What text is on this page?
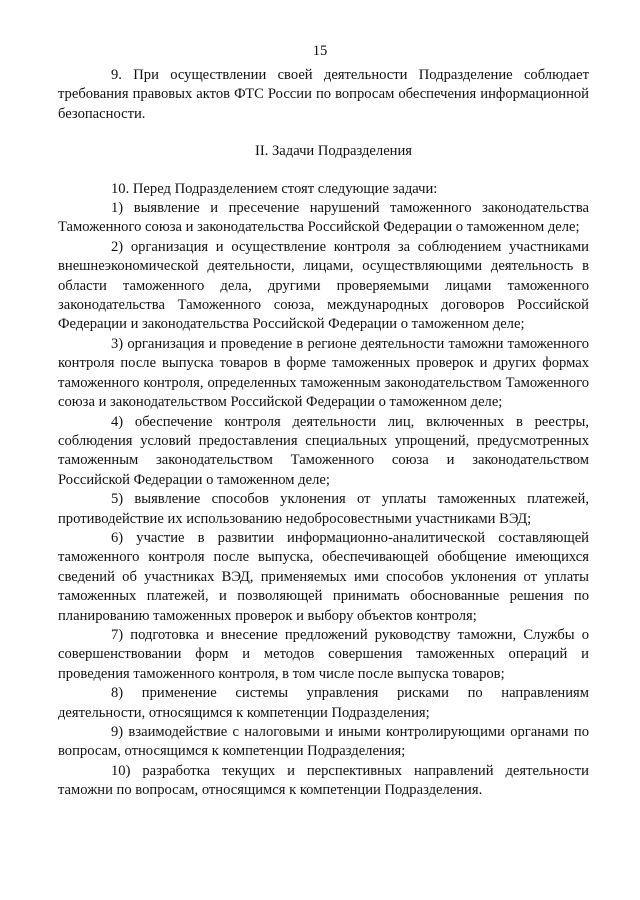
15

9. При осуществлении своей деятельности Подразделение соблюдает требования правовых актов ФТС России по вопросам обеспечения информационной безопасности.

II. Задачи Подразделения

10. Перед Подразделением стоят следующие задачи:

1) выявление и пресечение нарушений таможенного законодательства Таможенного союза и законодательства Российской Федерации о таможенном деле;

2) организация и осуществление контроля за соблюдением участниками внешнеэкономической деятельности, лицами, осуществляющими деятельность в области таможенного дела, другими проверяемыми лицами таможенного законодательства Таможенного союза, международных договоров Российской Федерации и законодательства Российской Федерации о таможенном деле;

3) организация и проведение в регионе деятельности таможни таможенного контроля после выпуска товаров в форме таможенных проверок и других формах таможенного контроля, определенных таможенным законодательством Таможенного союза и законодательством Российской Федерации о таможенном деле;

4) обеспечение контроля деятельности лиц, включенных в реестры, соблюдения условий предоставления специальных упрощений, предусмотренных таможенным законодательством Таможенного союза и законодательством Российской Федерации о таможенном деле;

5) выявление способов уклонения от уплаты таможенных платежей, противодействие их использованию недобросовестными участниками ВЭД;

6) участие в развитии информационно-аналитической составляющей таможенного контроля после выпуска, обеспечивающей обобщение имеющихся сведений об участниках ВЭД, применяемых ими способов уклонения от уплаты таможенных платежей, и позволяющей принимать обоснованные решения по планированию таможенных проверок и выбору объектов контроля;

7) подготовка и внесение предложений руководству таможни, Службы о совершенствовании форм и методов совершения таможенных операций и проведения таможенного контроля, в том числе после выпуска товаров;

8) применение системы управления рисками по направлениям деятельности, относящимся к компетенции Подразделения;

9) взаимодействие с налоговыми и иными контролирующими органами по вопросам, относящимся к компетенции Подразделения;

10) разработка текущих и перспективных направлений деятельности таможни по вопросам, относящимся к компетенции Подразделения.
